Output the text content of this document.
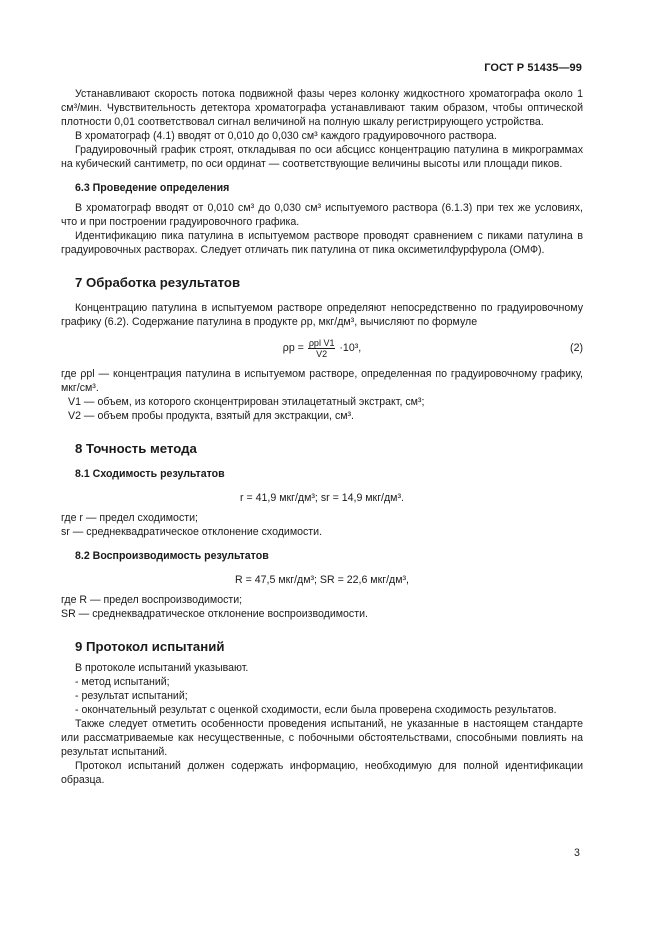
ГОСТ Р 51435—99

Устанавливают скорость потока подвижной фазы через колонку жидкостного хроматографа около 1 см³/мин. Чувствительность детектора хроматографа устанавливают таким образом, чтобы оптической плотности 0,01 соответствовал сигнал величиной на полную шкалу регистрирующего устройства.

В хроматограф (4.1) вводят от 0,010 до 0,030 см³ каждого градуировочного раствора.

Градуировочный график строят, откладывая по оси абсцисс концентрацию патулина в микрограммах на кубический сантиметр, по оси ординат — соответствующие величины высоты или площади пиков.

6.3 Проведение определения

В хроматограф вводят от 0,010 см³ до 0,030 см³ испытуемого раствора (6.1.3) при тех же условиях, что и при построении градуировочного графика.

Идентификацию пика патулина в испытуемом растворе проводят сравнением с пиками патулина в градуировочных растворах. Следует отличать пик патулина от пика оксиметилфурфурола (ОМФ).

7 Обработка результатов

Концентрацию патулина в испытуемом растворе определяют непосредственно по градуировочному графику (6.2). Содержание патулина в продукте ρp, мкг/дм³, вычисляют по формуле

$\rho p = \frac{\text{ρpl V1}}{V2} \cdot 10^3$,	(2)

где ρpl — концентрация патулина в испытуемом растворе, определенная по градуировочному графику, мкг/см³.

V1 — объем, из которого сконцентрирован этилацетатный экстракт, см³;

V2 — объем пробы продукта, взятый для экстракции, см³.

8 Точность метода

8.1 Сходимость результатов

r = 41,9 мкг/дм³; sr = 14,9 мкг/дм³.

где r — предел сходимости;

sr — среднеквадратическое отклонение сходимости.

8.2 Воспроизводимость результатов

R = 47,5 мкг/дм³; SR = 22,6 мкг/дм³,

где R — предел воспроизводимости;

SR — среднеквадратическое отклонение воспроизводимости.

9 Протокол испытаний

В протоколе испытаний указывают.

- метод испытаний;

- результат испытаний;

- окончательный результат с оценкой сходимости, если была проверена сходимость результатов.

Также следует отметить особенности проведения испытаний, не указанные в настоящем стандарте или рассматриваемые как несущественные, с побочными обстоятельствами, способными повлиять на результат испытаний.

Протокол испытаний должен содержать информацию, необходимую для полной идентификации образца.

3
